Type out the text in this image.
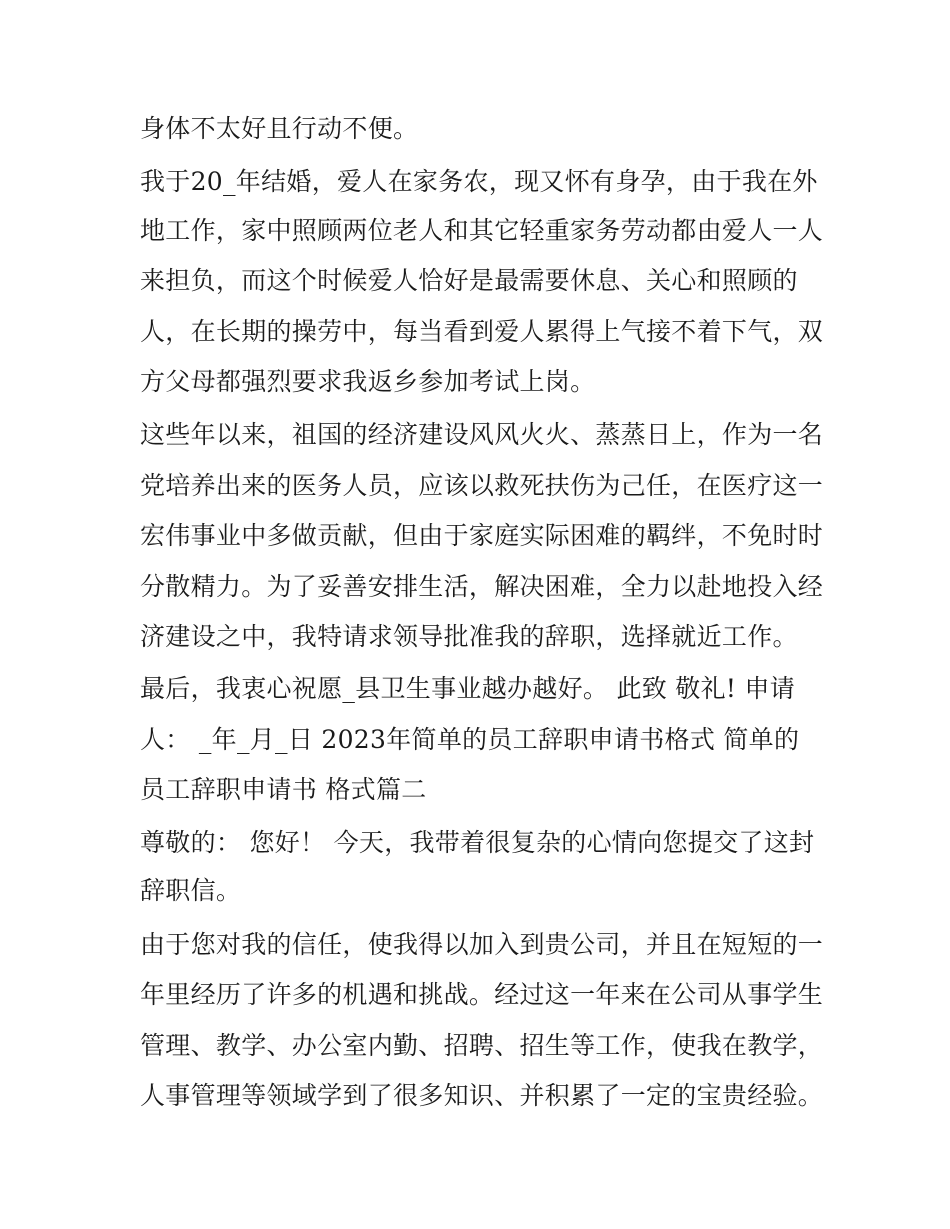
身体不太好且行动不便。
我于20_年结婚，爱人在家务农，现又怀有身孕，由于我在外
地工作，家中照顾两位老人和其它轻重家务劳动都由爱人一人
来担负，而这个时候爱人恰好是最需要休息、关心和照顾的
人，在长期的操劳中，每当看到爱人累得上气接不着下气，双
方父母都强烈要求我返乡参加考试上岗。
这些年以来，祖国的经济建设风风火火、蒸蒸日上，作为一名
党培养出来的医务人员，应该以救死扶伤为己任，在医疗这一
宏伟事业中多做贡献，但由于家庭实际困难的羁绊，不免时时
分散精力。为了妥善安排生活，解决困难，全力以赴地投入经
济建设之中，我特请求领导批准我的辞职，选择就近工作。
最后，我衷心祝愿_县卫生事业越办越好。 此致 敬礼! 申请
人： _年_月_日 2023年简单的员工辞职申请书格式 简单的
员工辞职申请书 格式篇二
尊敬的： 您好！ 今天，我带着很复杂的心情向您提交了这封
辞职信。
由于您对我的信任，使我得以加入到贵公司，并且在短短的一
年里经历了许多的机遇和挑战。经过这一年来在公司从事学生
管理、教学、办公室内勤、招聘、招生等工作，使我在教学，
人事管理等领域学到了很多知识、并积累了一定的宝贵经验。
